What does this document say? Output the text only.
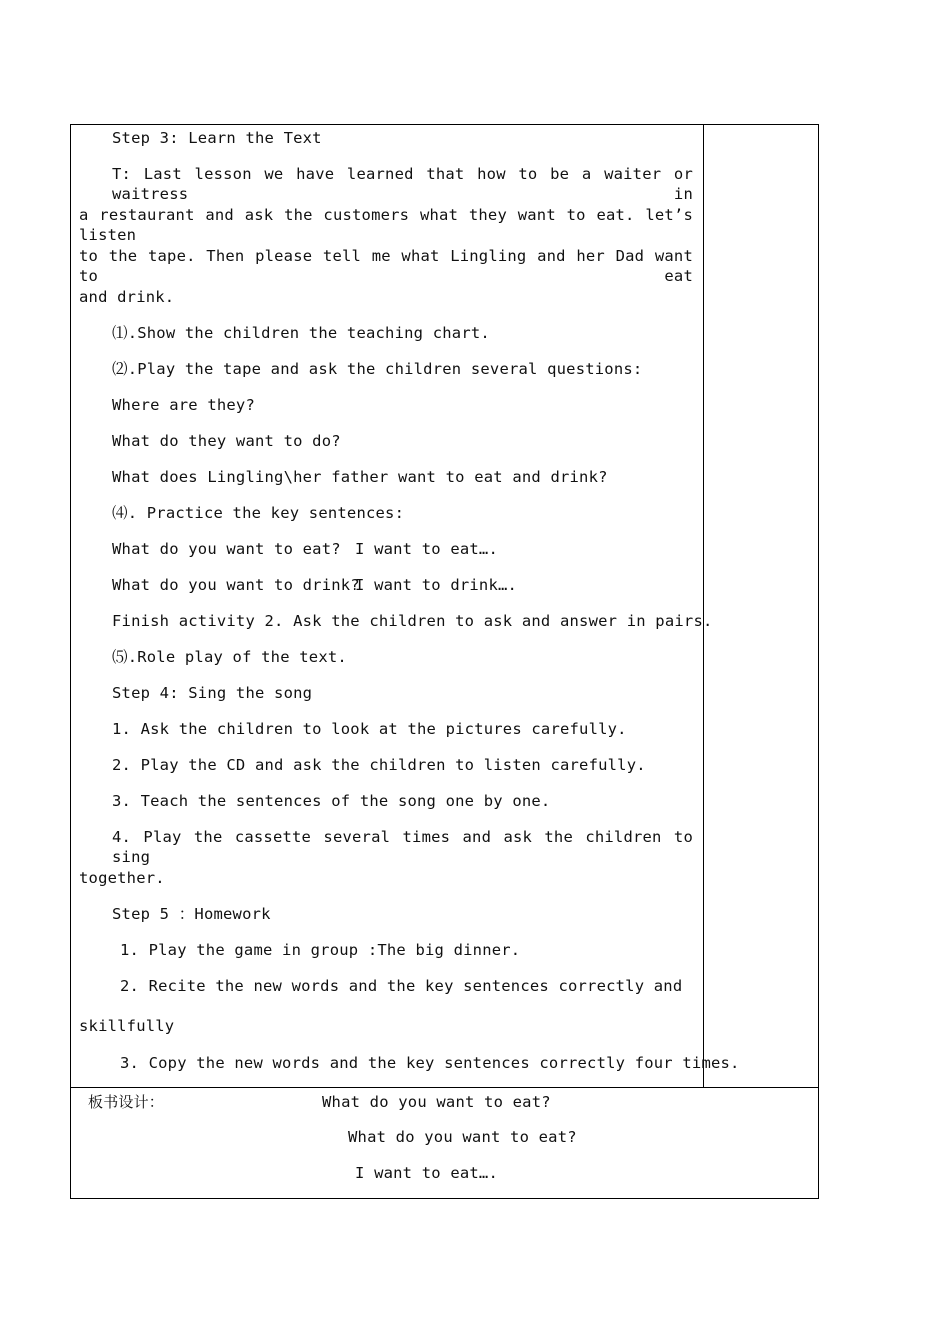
Step 3: Learn the Text
T: Last lesson we have learned that how to be a waiter or waitress in
a restaurant and ask the customers what they want to eat. let’s listen
to the tape. Then please tell me what Lingling and her Dad want to eat
and drink.
⑴.Show the children the teaching chart.
⑵.Play the tape and ask the children several questions:
Where are they?
What do they want to do?
What does Lingling\her father want to eat and drink?
⑷. Practice the key sentences:
What do you want to eat? I want to eat….
What do you want to drink?
I want to drink….
Finish activity 2. Ask the children to ask and answer in pairs.
⑸.Role play of the text.
Step 4: Sing the song
1. Ask the children to look at the pictures carefully.
2. Play the CD and ask the children to listen carefully.
3. Teach the sentences of the song one by one.
4. Play the cassette several times and ask the children to sing
together.
Step 5 ：Homework
1. Play the game in group :The big dinner.
2. Recite the new words and the key sentences correctly and
skillfully
3. Copy the new words and the key sentences correctly four times.
板书设计：	What do you want to eat?
What do you want to eat?
I want to eat….
